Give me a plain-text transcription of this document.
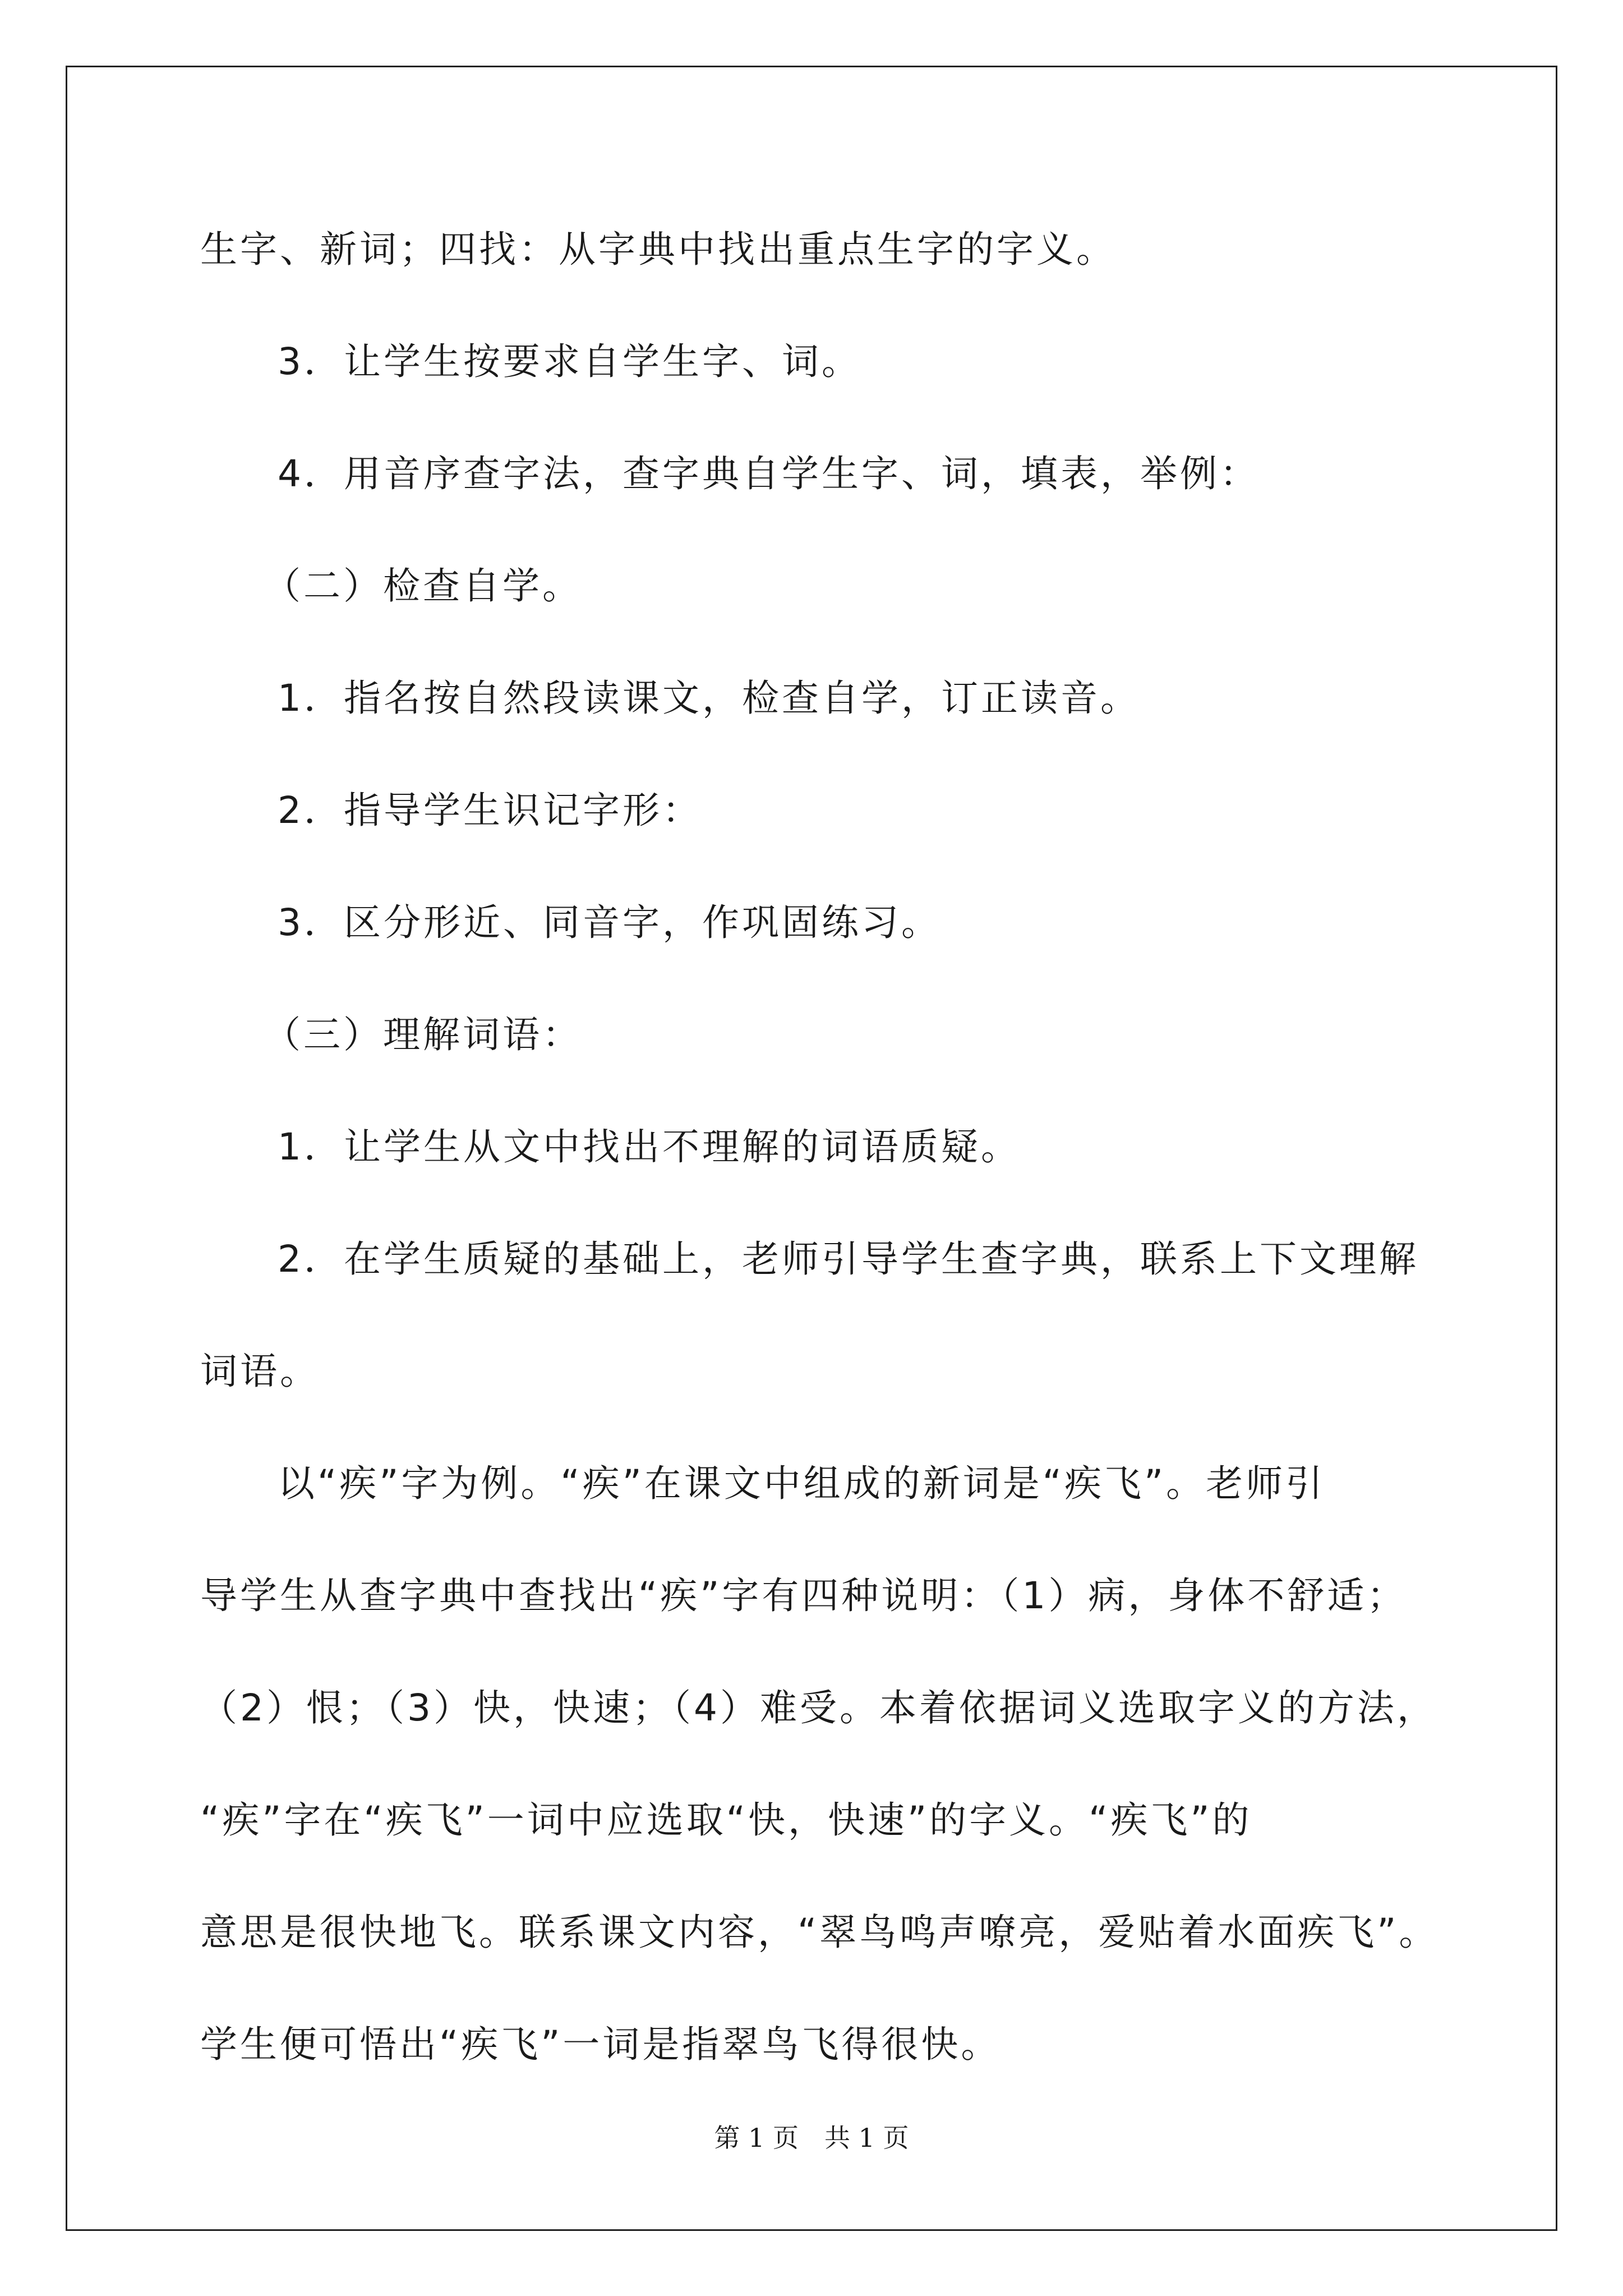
生字、新词；四找：从字典中找出重点生字的字义。
3．让学生按要求自学生字、词。
4．用音序查字法，查字典自学生字、词，填表，举例：
（二）检查自学。
1．指名按自然段读课文，检查自学，订正读音。
2．指导学生识记字形：
3．区分形近、同音字，作巩固练习。
（三）理解词语：
1．让学生从文中找出不理解的词语质疑。
2．在学生质疑的基础上，老师引导学生查字典，联系上下文理解
词语。
以“疾”字为例。“疾”在课文中组成的新词是“疾飞”。老师引
导学生从查字典中查找出“疾”字有四种说明：（1）病，身体不舒适；
（2）恨；（3）快，快速；（4）难受。本着依据词义选取字义的方法，
“疾”字在“疾飞”一词中应选取“快，快速”的字义。“疾飞”的
意思是很快地飞。联系课文内容，“翠鸟鸣声嘹亮，爱贴着水面疾飞”。
学生便可悟出“疾飞”一词是指翠鸟飞得很快。
第 1 页　共 1 页
